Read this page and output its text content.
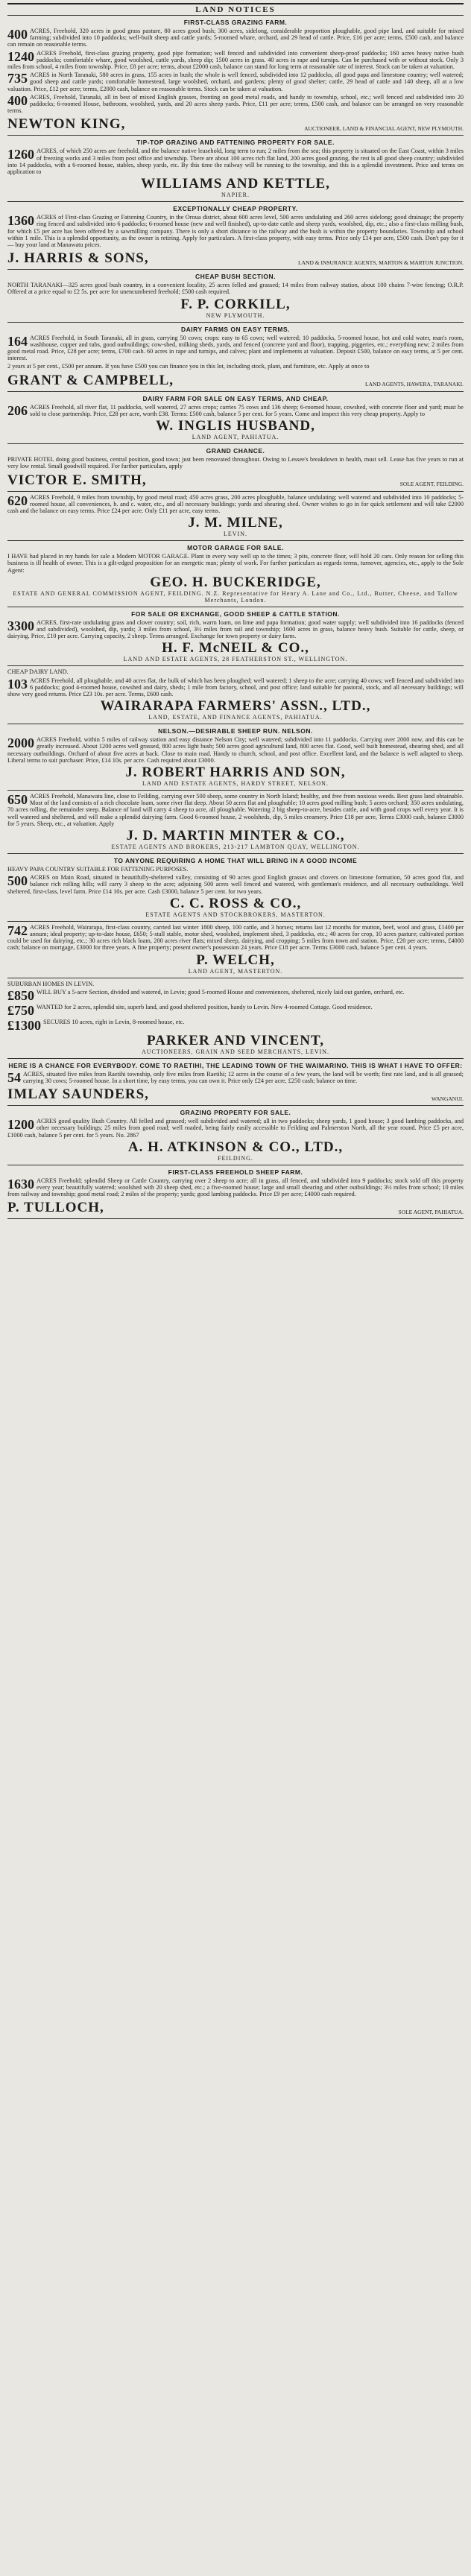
LAND NOTICES
FIRST-CLASS GRAZING FARM.
400 ACRES, Freehold, 320 acres in good grass pasture, 80 acres good bush; 300 acres, sidelong, considerable proportion ploughable, good pipe land, and suitable for mixed farming; subdivided into 10 paddocks; well-built sheep and cattle yards; 5-roomed whare, orchard, and 29 head of cattle. Price, £16 per acre; terms, £500 cash, and balance can remain on reasonable terms.
1240 ACRES Freehold, first-class grazing property, good pipe formation; well fenced and subdivided into convenient sheep-proof paddocks; 160 acres heavy native bush paddocks; comfortable whare, good woolshed, cattle yards, sheep dip; 1500 acres in grass. 40 acres in rape and turnips. Can be purchased with or without stock. Only 3 miles from school, 4 miles from township. Price, £8 per acre; terms, about £2000 cash, balance can stand for long term at reasonable rate of interest. Stock can be taken at valuation.
735 ACRES in North Taranaki, 580 acres in grass, 155 acres in bush; the whole is well fenced, subdivided into 12 paddocks, all good papa and limestone country; well watered; good sheep and cattle yards; comfortable homestead, large woolshed, orchard, and gardens; plenty of good shelter; cattle, 29 head of cattle and 140 sheep, all at a low valuation. Price, £12 per acre; terms, £2000 cash, balance on reasonable terms. Stock can be taken at valuation.
400 ACRES, Freehold, Taranaki, all in best of mixed English grasses, fronting on good metal roads, and handy to township, school, etc.; well fenced and subdivided into 20 paddocks; 6-roomed House, bathroom, woolshed, yards, and 20 acres sheep yards. Price, £11 per acre; terms, £500 cash, and balance can be arranged on very reasonable terms.
NEWTON KING,	AUCTIONEER, LAND & FINANCIAL AGENT, NEW PLYMOUTH.
TIP-TOP GRAZING AND FATTENING PROPERTY FOR SALE.
1260 ACRES, of which 250 acres are freehold, and the balance native leasehold, long term to run; 2 miles from the sea; this property is situated on the East Coast, within 3 miles of freezing works and 3 miles from post office and township. There are about 100 acres rich flat land, 200 acres good grazing, the rest is all good sheep country; subdivided into 14 paddocks, with a 6-roomed house, stables, sheep yards, etc. By this time the railway will be running to the township, and this is a splendid investment. Price and terms on application to
WILLIAMS AND KETTLE,
NAPIER.
EXCEPTIONALLY CHEAP PROPERTY.
1360 ACRES of First-class Grazing or Fattening Country, in the Oroua district, about 600 acres level, 500 acres undulating and 260 acres sidelong; good drainage; the property ring fenced and subdivided into 6 paddocks; 6-roomed house (new and well finished), up-to-date cattle and sheep yards, woolshed, dip, etc.; also a first-class milling bush, for which £5 per acre has been offered by a sawmilling company. There is only a short distance to the railway and the bush is within the property boundaries. Township and school within 1 mile. This is a splendid opportunity, as the owner is retiring. Apply for particulars. A first-class property, with easy terms. Price only £14 per acre, £500 cash. Don't pay for it — buy your land at Manawatu prices.
J. HARRIS & SONS,	LAND & INSURANCE AGENTS, MARTON & MARTON JUNCTION.
CHEAP BUSH SECTION.
NORTH TARANAKI—325 acres good bush country, in a convenient locality, 25 acres felled and grassed; 14 miles from railway station, about 100 chains 7-wire fencing; O.R.P. Offered at a price equal to £2 5s. per acre for unencumbered freehold; £500 cash required.
F. P. CORKILL,
NEW PLYMOUTH.
DAIRY FARMS ON EASY TERMS.
164 ACRES Freehold, in South Taranaki, all in grass, carrying 50 cows; crops: easy to 65 cows; well watered; 10 paddocks, 5-roomed house, hot and cold water, man's room, washhouse, copper and tubs, good outbuildings; cow-shed, milking sheds, yards, and fenced (concrete yard and floor), trapping, piggeries, etc.; everything new; 2 miles from good metal road. Price, £28 per acre; terms, £700 cash. 60 acres in rape and turnips, and calves; plant and implements at valuation. Deposit £500, balance on easy terms, at 5 per cent. interest.
2 years at 5 per cent., £500 per annum. If you have £500 you can finance you in this lot, including stock, plant, and furniture, etc. Apply at once to
GRANT & CAMPBELL,	LAND AGENTS, HAWERA, TARANAKI.
DAIRY FARM FOR SALE ON EASY TERMS, AND CHEAP.
206 ACRES Freehold, all river flat, 11 paddocks, well watered, 27 acres crops; carries 75 cows and 136 sheep; 6-roomed house, cowshed, with concrete floor and yard; must be sold to close partnership. Price, £28 per acre, worth £38. Terms: £500 cash, balance 5 per cent. for 5 years. Come and inspect this very cheap property. Apply to
W. INGLIS HUSBAND,
LAND AGENT, PAHIATUA.
GRAND CHANCE.
PRIVATE HOTEL doing good business, central position, good town; just been renovated throughout. Owing to Lessee's breakdown in health, must sell. Lease has five years to run at very low rental. Small goodwill required. For further particulars, apply
VICTOR E. SMITH,	SOLE AGENT, FEILDING.
620 ACRES Freehold, 9 miles from township, by good metal road; 450 acres grass, 200 acres ploughable, balance undulating; well watered and subdivided into 10 paddocks; 5-roomed house, all conveniences, h. and c. water, etc., and all necessary buildings; yards and shearing shed. Owner wishes to go in for quick settlement and will take £2000 cash and the balance on easy terms. Price £24 per acre. Only £11 per acre, easy terms.
J. M. MILNE,
LEVIN.
MOTOR GARAGE FOR SALE.
I HAVE had placed in my hands for sale a Modern MOTOR GARAGE. Plant in every way well up to the times; 3 pits, concrete floor, will hold 20 cars. Only reason for selling this business is ill health of owner. This is a gilt-edged proposition for an energetic man; plenty of work. For further particulars as regards terms, turnover, agencies, etc., apply to the Sole Agent:
GEO. H. BUCKERIDGE,
ESTATE AND GENERAL COMMISSION AGENT, FEILDING. N.Z. Representative for Henry A. Lane and Co., Ltd., Butter, Cheese, and Tallow Merchants, London.
FOR SALE OR EXCHANGE, GOOD SHEEP & CATTLE STATION.
3300 ACRES, first-rate undulating grass and clover country; soil, rich, warm loam, on lime and papa formation; good water supply; well subdivided into 16 paddocks (fenced and subdivided), woolshed, dip, yards; 3 miles from school, 3½ miles from rail and township; 1600 acres in grass, balance heavy bush. Suitable for cattle, sheep, or dairying. Price, £10 per acre. Carrying capacity, 2 sheep. Terms arranged. Exchange for town property or dairy farm.
H. F. McNEIL & CO.,
LAND AND ESTATE AGENTS, 28 FEATHERSTON ST., WELLINGTON.
CHEAP DAIRY LAND.
103 ACRES Freehold, all ploughable, and 40 acres flat, the bulk of which has been ploughed; well watered; 1 sheep to the acre; carrying 40 cows; well fenced and subdivided into 6 paddocks; good 4-roomed house, cowshed and dairy, sheds; 1 mile from factory, school, and post office; land suitable for pastoral, stock, and all necessary buildings; will show very good returns. Price £23 10s. per acre. Terms, £600 cash.
WAIRARAPA FARMERS' ASSN., LTD.,
LAND, ESTATE, AND FINANCE AGENTS, PAHIATUA.
NELSON.—DESIRABLE SHEEP RUN. NELSON.
2000 ACRES Freehold, within 5 miles of railway station and easy distance Nelson City; well watered; subdivided into 11 paddocks. Carrying over 2000 now, and this can be greatly increased. About 1200 acres well grassed, 800 acres light bush; 500 acres good agricultural land, 800 acres flat. Good, well built homestead, shearing shed, and all necessary outbuildings. Orchard of about five acres at back. Close to main road. Handy to church, school, and post office. Excellent land, and the balance is well adapted to sheep. Liberal terms to suit purchaser. Price, £14 10s. per acre. Cash required about £3000.
J. ROBERT HARRIS AND SON,
LAND AND ESTATE AGENTS, HARDY STREET, NELSON.
650 ACRES Freehold, Manawatu line, close to Feilding, carrying over 500 sheep, some country in North Island; healthy, and free from noxious weeds. Best grass land obtainable. Most of the land consists of a rich chocolate loam, some river flat deep. About 50 acres flat and ploughable; 10 acres good milling bush; 5 acres orchard; 350 acres undulating, 70 acres rolling, the remainder steep. Balance of land will carry 4 sheep to acre, all ploughable. Watering 2 big sheep-to-acre, besides cattle, and with good crops well every year. It is well watered and sheltered, and will make a splendid dairying farm. Good 6-roomed house, 2 woolsheds, dip, 5 miles creamery. Price £18 per acre, Terms £3000 cash, balance £3000 for 5 years. Sheep, etc., at valuation. Apply
J. D. MARTIN MINTER & CO.,
ESTATE AGENTS AND BROKERS, 213-217 LAMBTON QUAY, WELLINGTON.
TO ANYONE REQUIRING A HOME THAT WILL BRING IN A GOOD INCOME
HEAVY PAPA COUNTRY SUITABLE FOR FATTENING PURPOSES.
500 ACRES on Main Road, situated in beautifully-sheltered valley, consisting of 90 acres good English grasses and clovers on limestone formation, 50 acres good flat, and balance rich rolling hills; will carry 3 sheep to the acre; adjoining 500 acres well fenced and watered, with gentleman's residence, and all necessary outbuildings. Well sheltered, first-class, level farm. Price £14 10s. per acre. Cash £3000, balance 5 per cent. for two years.
C. C. ROSS & CO.,
ESTATE AGENTS AND STOCKBROKERS, MASTERTON.
742 ACRES Freehold, Wairarapa, first-class country, carried last winter 1800 sheep, 100 cattle, and 3 horses; returns last 12 months for mutton, beef, wool and grass, £1400 per annum; ideal property; up-to-date house, £650; 5-stall stable, motor shed, woolshed, implement shed, 3 paddocks, etc.; 40 acres for crop, 10 acres pasture; cultivated portion could be used for dairying, etc.; 30 acres rich black loam, 200 acres river flats; mixed sheep, dairying, and cropping; 5 miles from town and station. Price, £20 per acre; terms, £4000 cash; balance on mortgage, £3000 for three years. A fine property; present owner's possession 24 years. Price £18 per acre. Terms £3000 cash, balance 5 per cent. 4 years.
P. WELCH,
LAND AGENT, MASTERTON.
SUBURBAN HOMES IN LEVIN.
£850 WILL BUY a 5-acre Section, divided and watered, in Levin; good 5-roomed House and conveniences, sheltered, nicely laid out garden, orchard, etc.
£750 WANTED for 2 acres, splendid site, superb land, and good sheltered position, handy to Levin. New 4-roomed Cottage. Good residence.
£1300 SECURES 10 acres, right in Levin, 8-roomed house, etc.
PARKER AND VINCENT,
AUCTIONEERS, GRAIN AND SEED MERCHANTS, LEVIN.
HERE IS A CHANCE FOR EVERYBODY. COME TO RAETIHI, THE LEADING TOWN OF THE WAIMARINO. THIS IS WHAT I HAVE TO OFFER:
54 ACRES, situated five miles from Raetihi township, only five miles from Raetihi; 12 acres in the course of a few years, the land will be worth; first rate land, and is all grassed; carrying 30 cows; 5-roomed house. In a short time, by easy terms, you can own it. Price only £24 per acre, £250 cash; balance on time.
IMLAY SAUNDERS,	WANGANUI.
GRAZING PROPERTY FOR SALE.
1200 ACRES good quality Bush Country. All felled and grassed; well subdivided and watered; all in two paddocks; sheep yards, 1 good house; 3 good lambing paddocks, and other necessary buildings; 25 miles from good road; well roaded, being fairly easily accessible to Feilding and Palmerston North, all the year round. Price £5 per acre, £1000 cash, balance 5 per cent. for 5 years. No. 2867
A. H. ATKINSON & CO., LTD.,
FEILDING.
FIRST-CLASS FREEHOLD SHEEP FARM.
1630 ACRES Freehold; splendid Sheep or Cattle Country, carrying over 2 sheep to acre; all in grass, all fenced, and subdivided into 9 paddocks; stock sold off this property every year; beautifully watered; woolshed with 20 sheep shed, etc.; a five-roomed house; large and small shearing and other outbuildings; 3½ miles from school; 10 miles from railway and township; good metal road; 2 miles of the property; yards; good lambing paddocks. Price £9 per acre; £4000 cash required.
P. TULLOCH,	SOLE AGENT, PAHIATUA.
